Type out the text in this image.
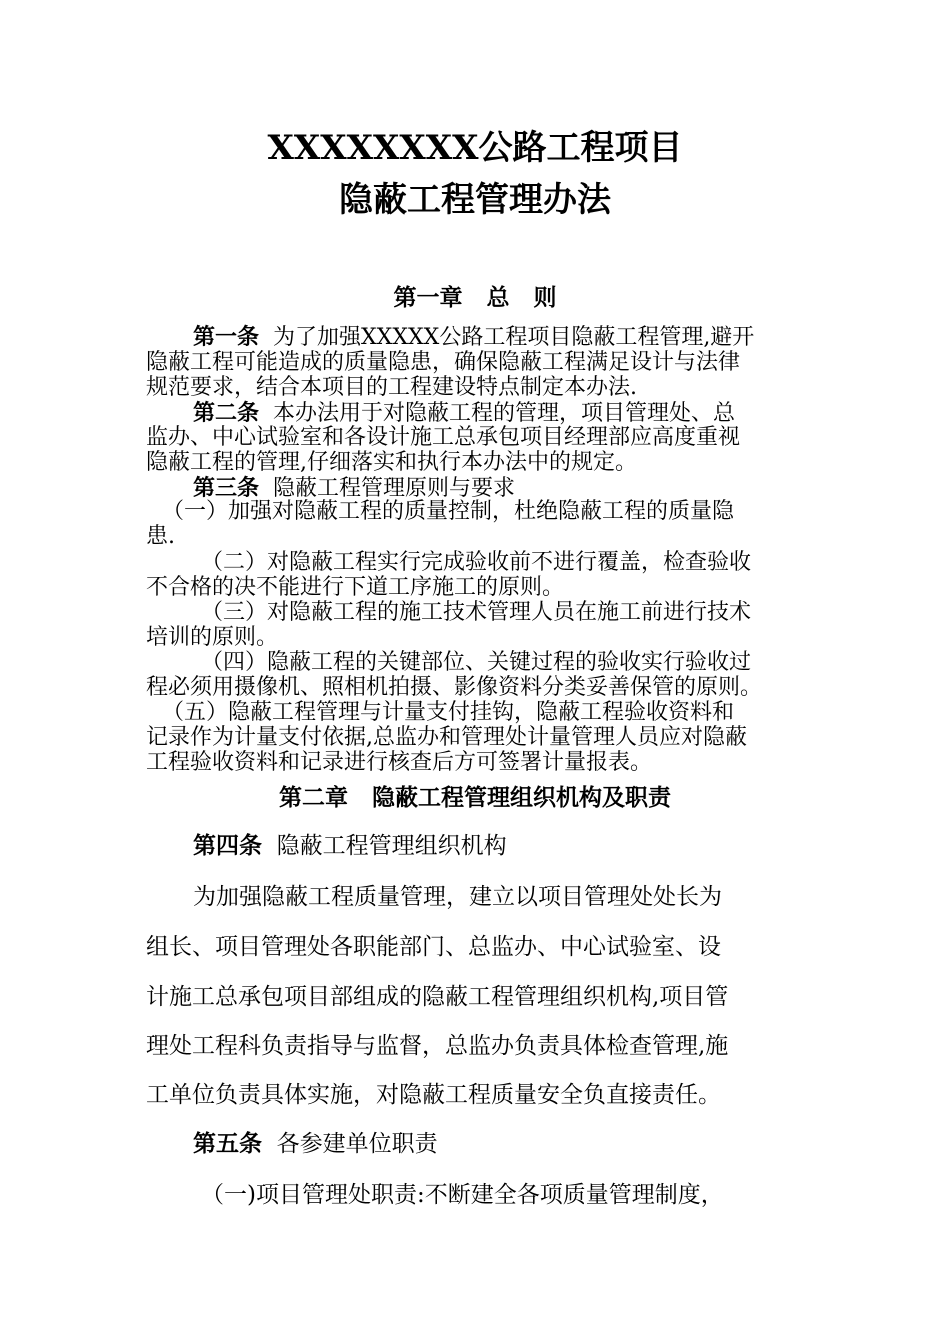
XXXXXXXX公路工程项目
隐蔽工程管理办法
第一章   总   则
第一条  为了加强XXXXX公路工程项目隐蔽工程管理,避开
隐蔽工程可能造成的质量隐患，确保隐蔽工程满足设计与法律
规范要求，结合本项目的工程建设特点制定本办法.
第二条  本办法用于对隐蔽工程的管理，项目管理处、总
监办、中心试验室和各设计施工总承包项目经理部应高度重视
隐蔽工程的管理,仔细落实和执行本办法中的规定。
第三条  隐蔽工程管理原则与要求
（一）加强对隐蔽工程的质量控制，杜绝隐蔽工程的质量隐
患.
（二）对隐蔽工程实行完成验收前不进行覆盖，检查验收
不合格的决不能进行下道工序施工的原则。
（三）对隐蔽工程的施工技术管理人员在施工前进行技术
培训的原则。
（四）隐蔽工程的关键部位、关键过程的验收实行验收过
程必须用摄像机、照相机拍摄、影像资料分类妥善保管的原则。
（五）隐蔽工程管理与计量支付挂钩，隐蔽工程验收资料和
记录作为计量支付依据,总监办和管理处计量管理人员应对隐蔽
工程验收资料和记录进行核查后方可签署计量报表。
第二章   隐蔽工程管理组织机构及职责
第四条  隐蔽工程管理组织机构
为加强隐蔽工程质量管理，建立以项目管理处处长为
组长、项目管理处各职能部门、总监办、中心试验室、设
计施工总承包项目部组成的隐蔽工程管理组织机构,项目管
理处工程科负责指导与监督，总监办负责具体检查管理,施
工单位负责具体实施，对隐蔽工程质量安全负直接责任。
第五条  各参建单位职责
（一)项目管理处职责:不断建全各项质量管理制度，
